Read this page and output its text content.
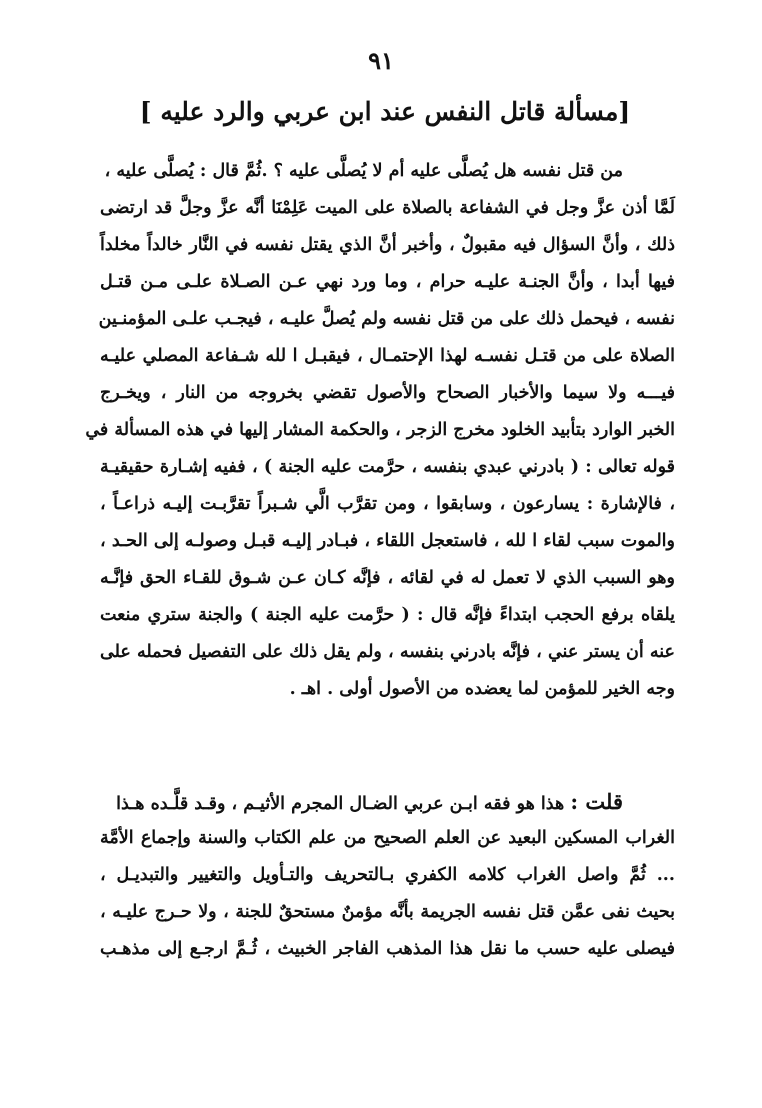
٩١
[مسألة قاتل النفس عند ابن عربي والرد عليه ]
من قتل نفسه هل يُصلَّى عليه أم لا يُصلَّى عليه ؟ .ثُمَّ قال : يُصلَّى عليه ،
لَمَّا أذن عزَّ وجل في الشفاعة بالصلاة على الميت عَلِمْنَا أنَّه عزَّ وجلَّ قد ارتضى
ذلك ، وأنَّ السؤال فيه مقبولٌ ، وأخبر أنَّ الذي يقتل نفسه في النَّار خالداً مخلداً
فيها أبدا ، وأنَّ الجنـة عليـه حرام ، وما ورد نهي عـن الصـلاة علـى مـن قتـل
نفسه ، فيحمل ذلك على من قتل نفسه ولم يُصلَّ عليـه ، فيجـب علـى المؤمنـين
الصلاة على من قتـل نفسـه لهذا الإحتمـال ، فيقبـل ا لله شـفاعة المصلي عليـه
فيـــه ولا سيما والأخبار الصحاح والأصول تقضي بخروجه من النار ، ويخـرج
الخبر الوارد بتأبيد الخلود مخرج الزجر ، والحكمة المشار إليها في هذه المسألة في
قوله تعالى : ( بادرني عبدي بنفسه ، حرَّمت عليه الجنة ) ، ففيه إشـارة حقيقيـة
، فالإشارة : يسارعون ، وسابقوا ، ومن تقرَّب الَّي شـبراً تقرَّبـت إليـه ذراعـاً ،
والموت سبب لقاء ا لله ، فاستعجل اللقاء ، فبـادر إليـه قبـل وصولـه إلى الحـد ،
وهو السبب الذي لا تعمل له في لقائه ، فإنَّه كـان عـن شـوق للقـاء الحق فإنَّـه
يلقاه برفع الحجب ابتداءً فإنَّه قال : ( حرَّمت عليه الجنة ) والجنة ستري منعت
عنه أن يستر عني ، فإنَّه بادرني بنفسه ، ولم يقل ذلك على التفصيل فحمله على
وجه الخير للمؤمن لما يعضده من الأصول أولى . اهـ .
قلت : هذا هو فقه ابـن عربي الضـال المجرم الأثيـم ، وقـد قلَّـده هـذا
الغراب المسكين البعيد عن العلم الصحيح من علم الكتاب والسنة وإجماع الأمَّة
... ثُمَّ واصل الغراب كلامه الكفري بـالتحريف والتـأويل والتغيير والتبديـل ،
بحيث نفى عمَّن قتل نفسه الجريمة بأنَّه مؤمنٌ مستحقٌ للجنة ، ولا حـرج عليـه ،
فيصلى عليه حسب ما نقل هذا المذهب الفاجر الخبيث ، ثُـمَّ ارجـع إلى مذهـب
